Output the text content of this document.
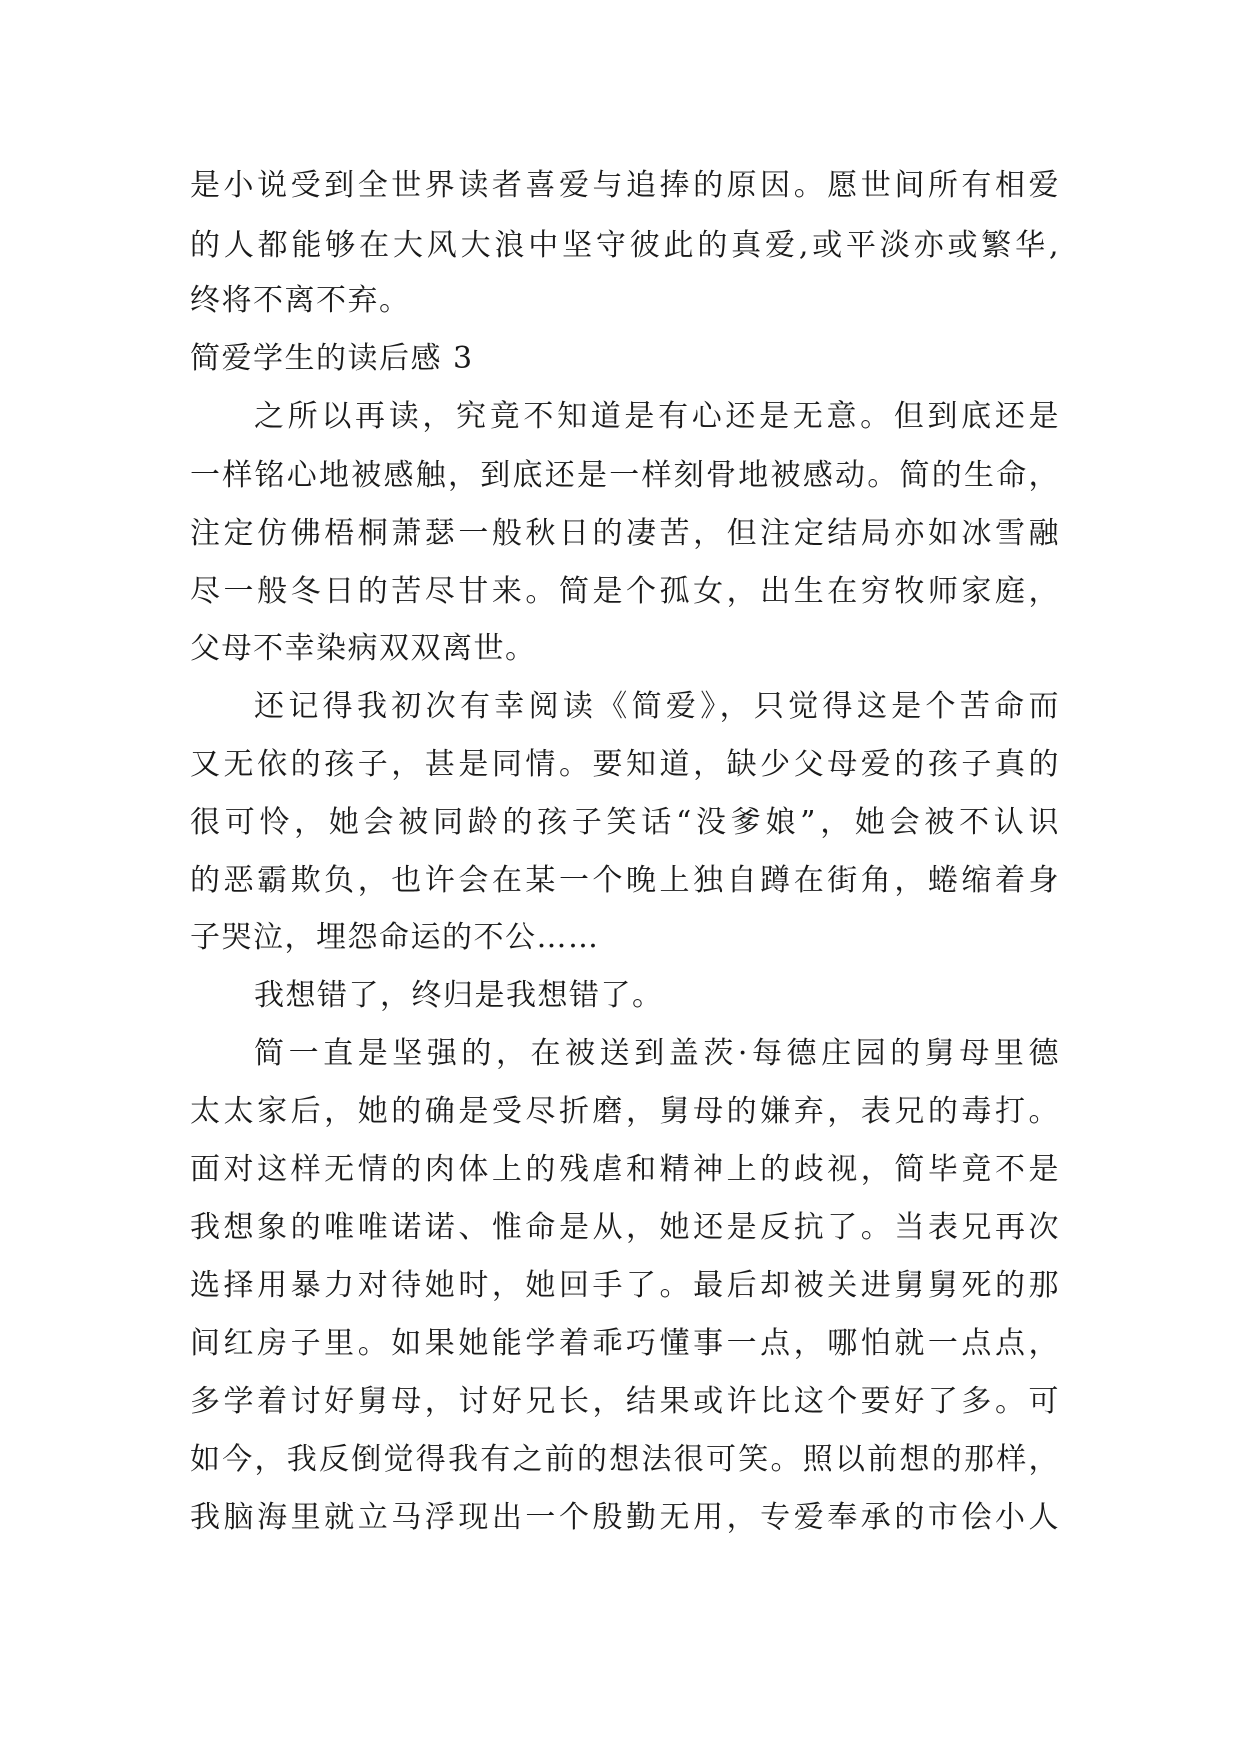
是小说受到全世界读者喜爱与追捧的原因。愿世间所有相爱
的人都能够在大风大浪中坚守彼此的真爱,或平淡亦或繁华,
终将不离不弃。
简爱学生的读后感 3
之所以再读，究竟不知道是有心还是无意。但到底还是
一样铭心地被感触，到底还是一样刻骨地被感动。简的生命，
注定仿佛梧桐萧瑟一般秋日的凄苦，但注定结局亦如冰雪融
尽一般冬日的苦尽甘来。简是个孤女，出生在穷牧师家庭，
父母不幸染病双双离世。
还记得我初次有幸阅读《简爱》，只觉得这是个苦命而
又无依的孩子，甚是同情。要知道，缺少父母爱的孩子真的
很可怜，她会被同龄的孩子笑话“没爹娘”，她会被不认识
的恶霸欺负，也许会在某一个晚上独自蹲在街角，蜷缩着身
子哭泣，埋怨命运的不公……
我想错了，终归是我想错了。
简一直是坚强的，在被送到盖茨·每德庄园的舅母里德
太太家后，她的确是受尽折磨，舅母的嫌弃，表兄的毒打。
面对这样无情的肉体上的残虐和精神上的歧视，简毕竟不是
我想象的唯唯诺诺、惟命是从，她还是反抗了。当表兄再次
选择用暴力对待她时，她回手了。最后却被关进舅舅死的那
间红房子里。如果她能学着乖巧懂事一点，哪怕就一点点，
多学着讨好舅母，讨好兄长，结果或许比这个要好了多。可
如今，我反倒觉得我有之前的想法很可笑。照以前想的那样，
我脑海里就立马浮现出一个殷勤无用，专爱奉承的市侩小人
